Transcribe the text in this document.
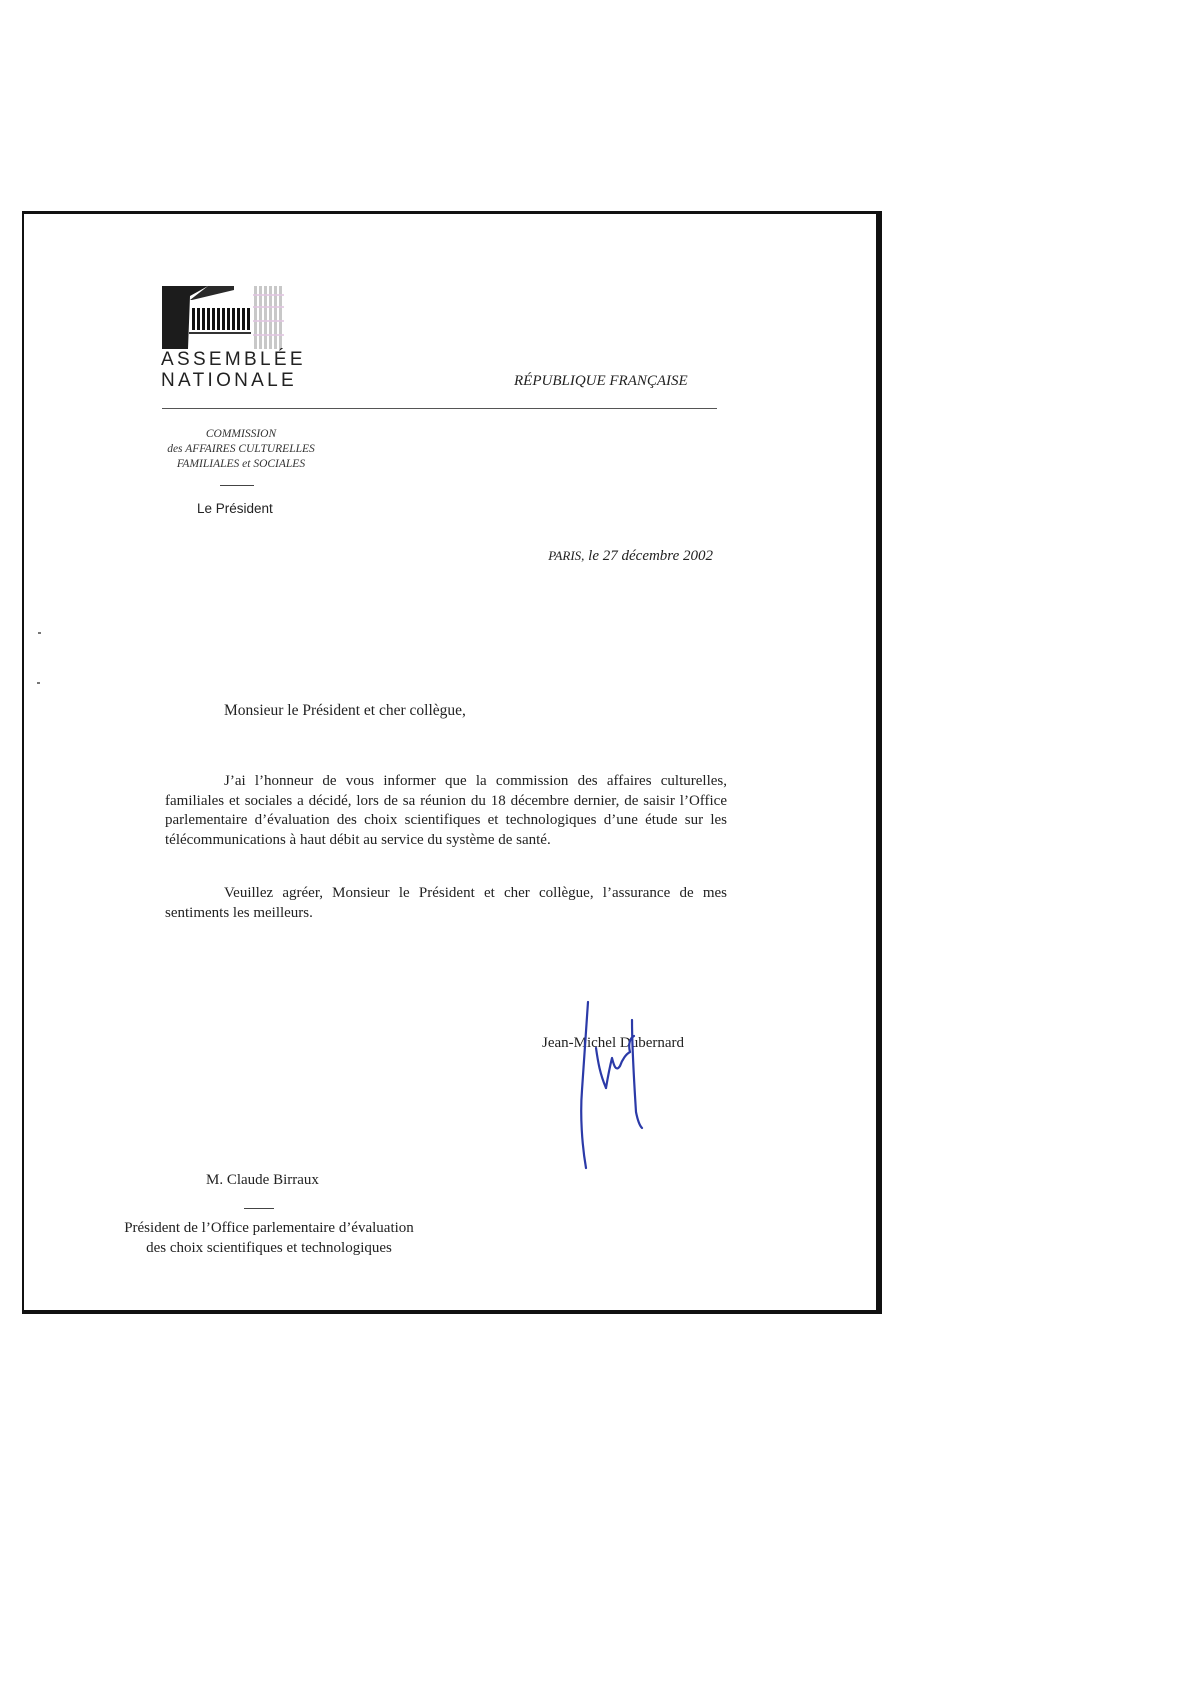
ASSEMBLÉE
NATIONALE	RÉPUBLIQUE FRANÇAISE
COMMISSION
des AFFAIRES CULTURELLES
FAMILIALES et SOCIALES
Le Président
PARIS, le 27 décembre 2002
Monsieur le Président et cher collègue,

J’ai l’honneur de vous informer que la commission des affaires culturelles, familiales et sociales a décidé, lors de sa réunion du 18 décembre dernier, de saisir l’Office parlementaire d’évaluation des choix scientifiques et technologiques d’une étude sur les télécommunications à haut débit au service du système de santé.

Veuillez agréer, Monsieur le Président et cher collègue, l’assurance de mes sentiments les meilleurs.

Jean-Michel Dubernard
M. Claude Birraux
Président de l’Office parlementaire d’évaluation
des choix scientifiques et technologiques
